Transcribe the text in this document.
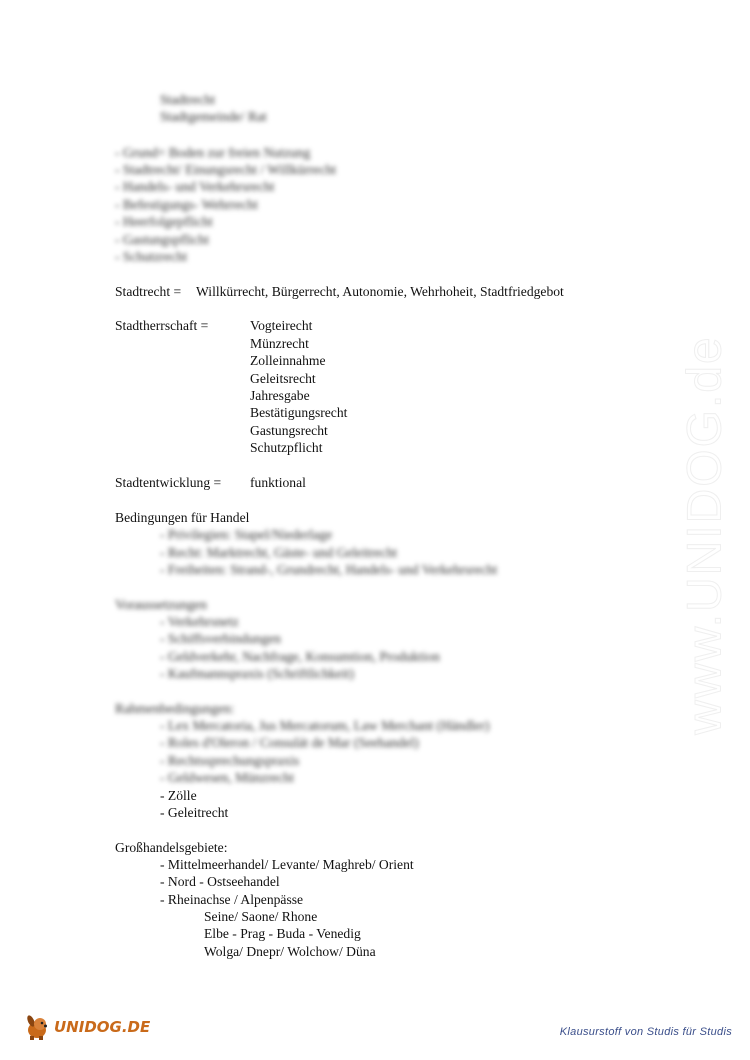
www.UNIDOG.de
Stadtrecht
Stadtgemeinde/ Rat
- Grund= Boden zur freien Nutzung
- Stadtrecht/ Einungsrecht / Willkürrecht
- Handels- und Verkehrsrecht
- Befestigungs- Wehrrecht
- Heerfolgepflicht
- Gastungspflicht
- Schutzrecht
Stadtrecht = Willkürrecht, Bürgerrecht, Autonomie, Wehrhoheit, Stadtfriedgebot
Stadtherrschaft =	Vogteirecht
Münzrecht
Zolleinnahme
Geleitsrecht
Jahresgabe
Bestätigungsrecht
Gastungsrecht
Schutzpflicht
Stadtentwicklung = funktional
Bedingungen für Handel
- Privilegien: Stapel/Niederlage
- Recht: Marktrecht, Gäste- und Geleitrecht
- Freiheiten: Strand-, Grundrecht, Handels- und Verkehrsrecht
Voraussetzungen
- Verkehrsnetz
- Schiffsverbindungen
- Geldverkehr, Nachfrage, Konsumtion, Produktion
- Kaufmannspraxis (Schriftlichkeit)
Rahmenbedingungen:
- Lex Mercatoria, Jus Mercatorum, Law Merchant (Händler)
- Roles d'Oleron / Consulát de Mar (Seehandel)
- Rechtssprechungspraxis
- Geldwesen, Münzrecht
- Zölle
- Geleitrecht
Großhandelsgebiete:
- Mittelmeerhandel/ Levante/ Maghreb/ Orient
- Nord - Ostseehandel
- Rheinachse / Alpenpässe
Seine/ Saone/ Rhone
Elbe - Prag - Buda - Venedig
Wolga/ Dnepr/ Wolchow/ Düna
UNIDOG.DE	Klausurstoff von Studis für Studis
